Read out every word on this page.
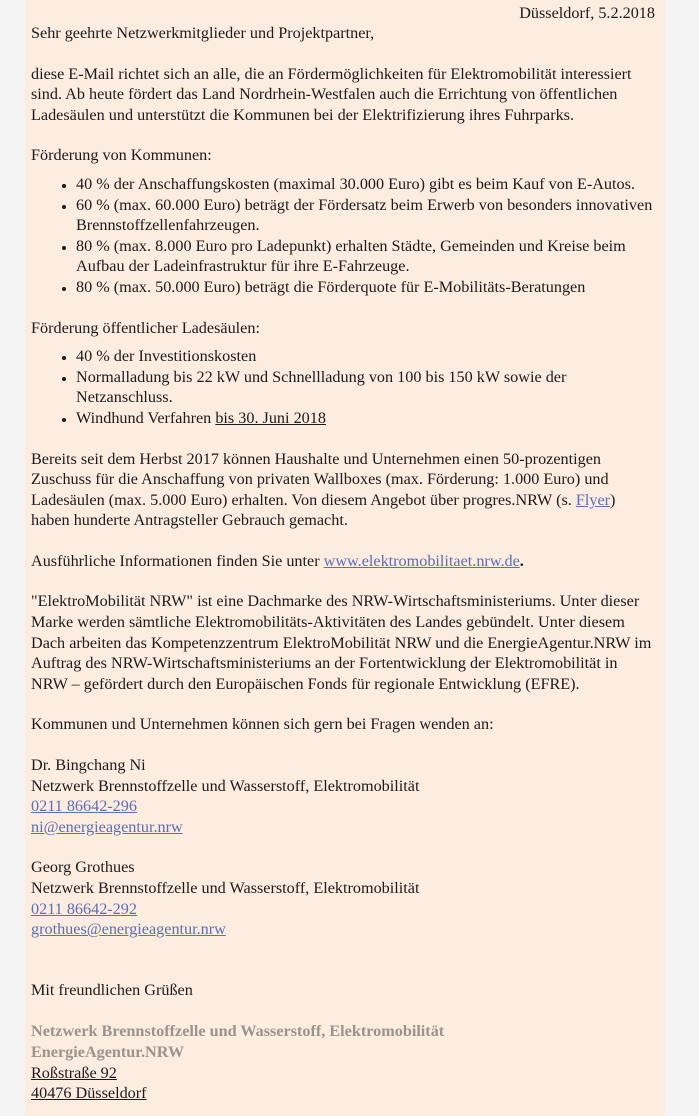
Düsseldorf, 5.2.2018

Sehr geehrte Netzwerkmitglieder und Projektpartner,

diese E-Mail richtet sich an alle, die an Fördermöglichkeiten für Elektromobilität interessiert sind. Ab heute fördert das Land Nordrhein-Westfalen auch die Errichtung von öffentlichen Ladesäulen und unterstützt die Kommunen bei der Elektrifizierung ihres Fuhrparks.

Förderung von Kommunen:

• 40 % der Anschaffungskosten (maximal 30.000 Euro) gibt es beim Kauf von E-Autos.
• 60 % (max. 60.000 Euro) beträgt der Fördersatz beim Erwerb von besonders innovativen Brennstoffzellenfahrzeugen.
• 80 % (max. 8.000 Euro pro Ladepunkt) erhalten Städte, Gemeinden und Kreise beim Aufbau der Ladeinfrastruktur für ihre E-Fahrzeuge.
• 80 % (max. 50.000 Euro) beträgt die Förderquote für E-Mobilitäts-Beratungen

Förderung öffentlicher Ladesäulen:

• 40 % der Investitionskosten
• Normalladung bis 22 kW und Schnellladung von 100 bis 150 kW sowie der Netzanschluss.
• Windhund Verfahren bis 30. Juni 2018

Bereits seit dem Herbst 2017 können Haushalte und Unternehmen einen 50-prozentigen Zuschuss für die Anschaffung von privaten Wallboxes (max. Förderung: 1.000 Euro) und Ladesäulen (max. 5.000 Euro) erhalten. Von diesem Angebot über progres.NRW (s. Flyer) haben hunderte Antragsteller Gebrauch gemacht.

Ausführliche Informationen finden Sie unter www.elektromobilitaet.nrw.de.

"ElektroMobilität NRW" ist eine Dachmarke des NRW-Wirtschaftsministeriums. Unter dieser Marke werden sämtliche Elektromobilitäts-Aktivitäten des Landes gebündelt. Unter diesem Dach arbeiten das Kompetenzzentrum ElektroMobilität NRW und die EnergieAgentur.NRW im Auftrag des NRW-Wirtschaftsministeriums an der Fortentwicklung der Elektromobilität in NRW – gefördert durch den Europäischen Fonds für regionale Entwicklung (EFRE).

Kommunen und Unternehmen können sich gern bei Fragen wenden an:

Dr. Bingchang Ni

Netzwerk Brennstoffzelle und Wasserstoff, Elektromobilität

0211 86642-296

ni@energieagentur.nrw

Georg Grothues

Netzwerk Brennstoffzelle und Wasserstoff, Elektromobilität

0211 86642-292

grothues@energieagentur.nrw

Mit freundlichen Grüßen

Netzwerk Brennstoffzelle und Wasserstoff, Elektromobilität

EnergieAgentur.NRW

Roßstraße 92

40476 Düsseldorf
